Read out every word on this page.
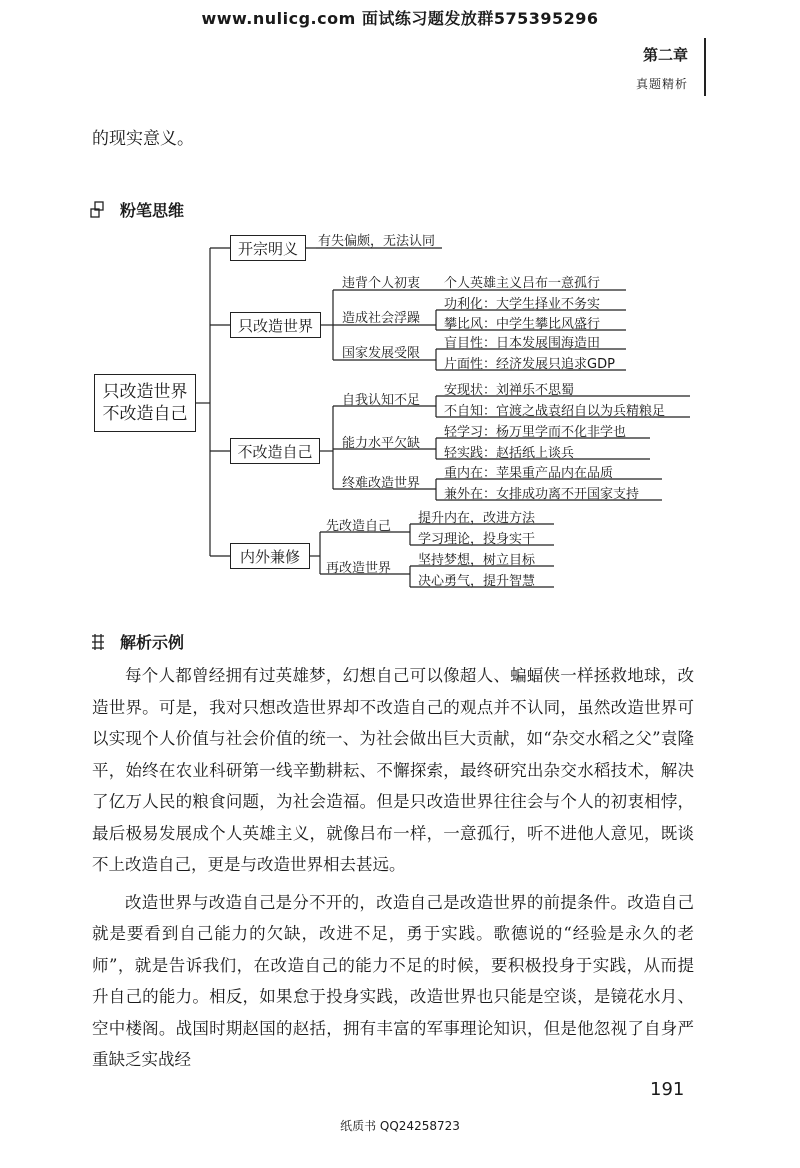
www.nulicg.com 面试练习题发放群575395296
第二章
真题精析
的现实意义。
粉笔思维
只改造世界
不改造自己
开宗明义
只改造世界
不改造自己
内外兼修
有失偏颇，无法认同
违背个人初衷
造成社会浮躁
国家发展受限
个人英雄主义吕布一意孤行
功利化：大学生择业不务实
攀比风：中学生攀比风盛行
盲目性：日本发展围海造田
片面性：经济发展只追求GDP
自我认知不足
能力水平欠缺
终难改造世界
安现状：刘禅乐不思蜀
不自知：官渡之战袁绍自以为兵精粮足
轻学习：杨万里学而不化非学也
轻实践：赵括纸上谈兵
重内在：苹果重产品内在品质
兼外在：女排成功离不开国家支持
先改造自己
再改造世界
提升内在，改进方法
学习理论，投身实干
坚持梦想，树立目标
决心勇气，提升智慧
解析示例

每个人都曾经拥有过英雄梦，幻想自己可以像超人、蝙蝠侠一样拯救地球，改造世界。可是，我对只想改造世界却不改造自己的观点并不认同，虽然改造世界可以实现个人价值与社会价值的统一、为社会做出巨大贡献，如“杂交水稻之父”袁隆平，始终在农业科研第一线辛勤耕耘、不懈探索，最终研究出杂交水稻技术，解决了亿万人民的粮食问题，为社会造福。但是只改造世界往往会与个人的初衷相悖，最后极易发展成个人英雄主义，就像吕布一样，一意孤行，听不进他人意见，既谈不上改造自己，更是与改造世界相去甚远。

改造世界与改造自己是分不开的，改造自己是改造世界的前提条件。改造自己就是要看到自己能力的欠缺，改进不足，勇于实践。歌德说的“经验是永久的老师”，就是告诉我们，在改造自己的能力不足的时候，要积极投身于实践，从而提升自己的能力。相反，如果怠于投身实践，改造世界也只能是空谈，是镜花水月、空中楼阁。战国时期赵国的赵括，拥有丰富的军事理论知识，但是他忽视了自身严重缺乏实战经

191
纸质书 QQ24258723
